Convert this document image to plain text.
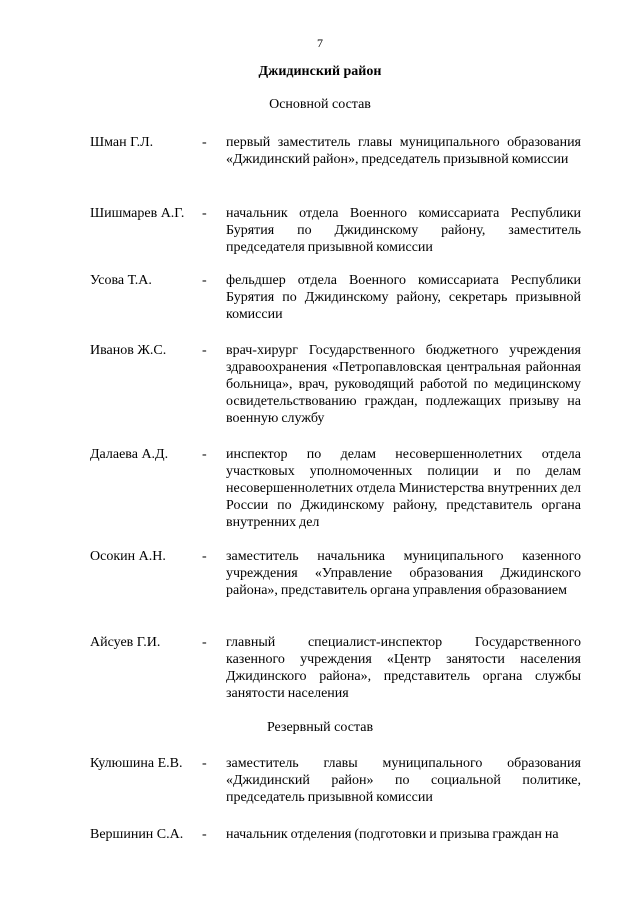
7
Джидинский район
Основной состав
Шман Г.Л.	- первый заместитель главы муниципального образования «Джидинский район», председатель призывной комиссии
Шишмарев А.Г. - начальник отдела Военного комиссариата Республики Бурятия по Джидинскому району, заместитель председателя призывной комиссии
Усова Т.А.	- фельдшер отдела Военного комиссариата Республики Бурятия по Джидинскому району, секретарь призывной комиссии
Иванов Ж.С.	- врач-хирург Государственного бюджетного учреждения здравоохранения «Петропавловская центральная районная больница», врач, руководящий работой по медицинскому освидетельствованию граждан, подлежащих призыву на военную службу
Далаева А.Д. - инспектор по делам несовершеннолетних отдела участковых уполномоченных полиции и по делам несовершеннолетних отдела Министерства внутренних дел России по Джидинскому району, представитель органа внутренних дел
Осокин А.Н.	- заместитель начальника муниципального казенного учреждения «Управление образования Джидинского района», представитель органа управления образованием
Айсуев Г.И.	- главный специалист-инспектор Государственного казенного учреждения «Центр занятости населения Джидинского района», представитель органа службы занятости населения
Резервный состав
Кулюшина Е.В. - заместитель главы муниципального образования «Джидинский район» по социальной политике, председатель призывной комиссии
Вершинин С.А. - начальник отделения (подготовки и призыва граждан на
